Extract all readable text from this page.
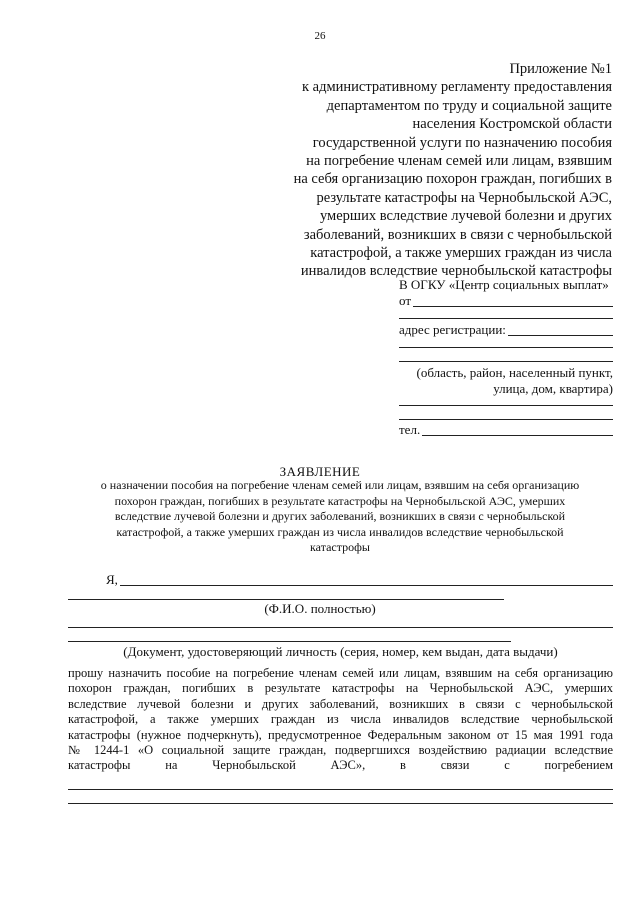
26
Приложение №1
к административному регламенту предоставления
департаментом по труду и социальной защите
населения Костромской области
государственной услуги по назначению пособия
на погребение членам семей или лицам, взявшим
на себя организацию похорон граждан, погибших в
результате катастрофы на Чернобыльской АЭС,
умерших вследствие лучевой болезни и других
заболеваний, возникших в связи с чернобыльской
катастрофой, а также умерших граждан из числа
инвалидов вследствие чернобыльской катастрофы
В ОГКУ «Центр социальных выплат»
от
адрес регистрации:
(область, район, населенный пункт,
улица, дом, квартира)
тел.
ЗАЯВЛЕНИЕ
о назначении пособия на погребение членам семей или лицам, взявшим на себя организацию
похорон граждан, погибших в результате катастрофы на Чернобыльской АЭС, умерших
вследствие лучевой болезни и других заболеваний, возникших в связи с чернобыльской
катастрофой, а также умерших граждан из числа инвалидов вследствие чернобыльской
катастрофы
Я,
(Ф.И.О. полностью)
(Документ, удостоверяющий личность (серия, номер, кем выдан, дата выдачи)
прошу назначить пособие на погребение членам семей или лицам, взявшим на себя организацию
похорон граждан, погибших в результате катастрофы на Чернобыльской АЭС, умерших
вследствие лучевой болезни и других заболеваний, возникших в связи с чернобыльской
катастрофой, а также умерших граждан из числа инвалидов вследствие чернобыльской
катастрофы (нужное подчеркнуть), предусмотренное Федеральным законом от 15 мая 1991 года
№ 1244-1 «О социальной защите граждан, подвергшихся воздействию радиации вследствие
катастрофы на Чернобыльской АЭС», в связи с погребением
